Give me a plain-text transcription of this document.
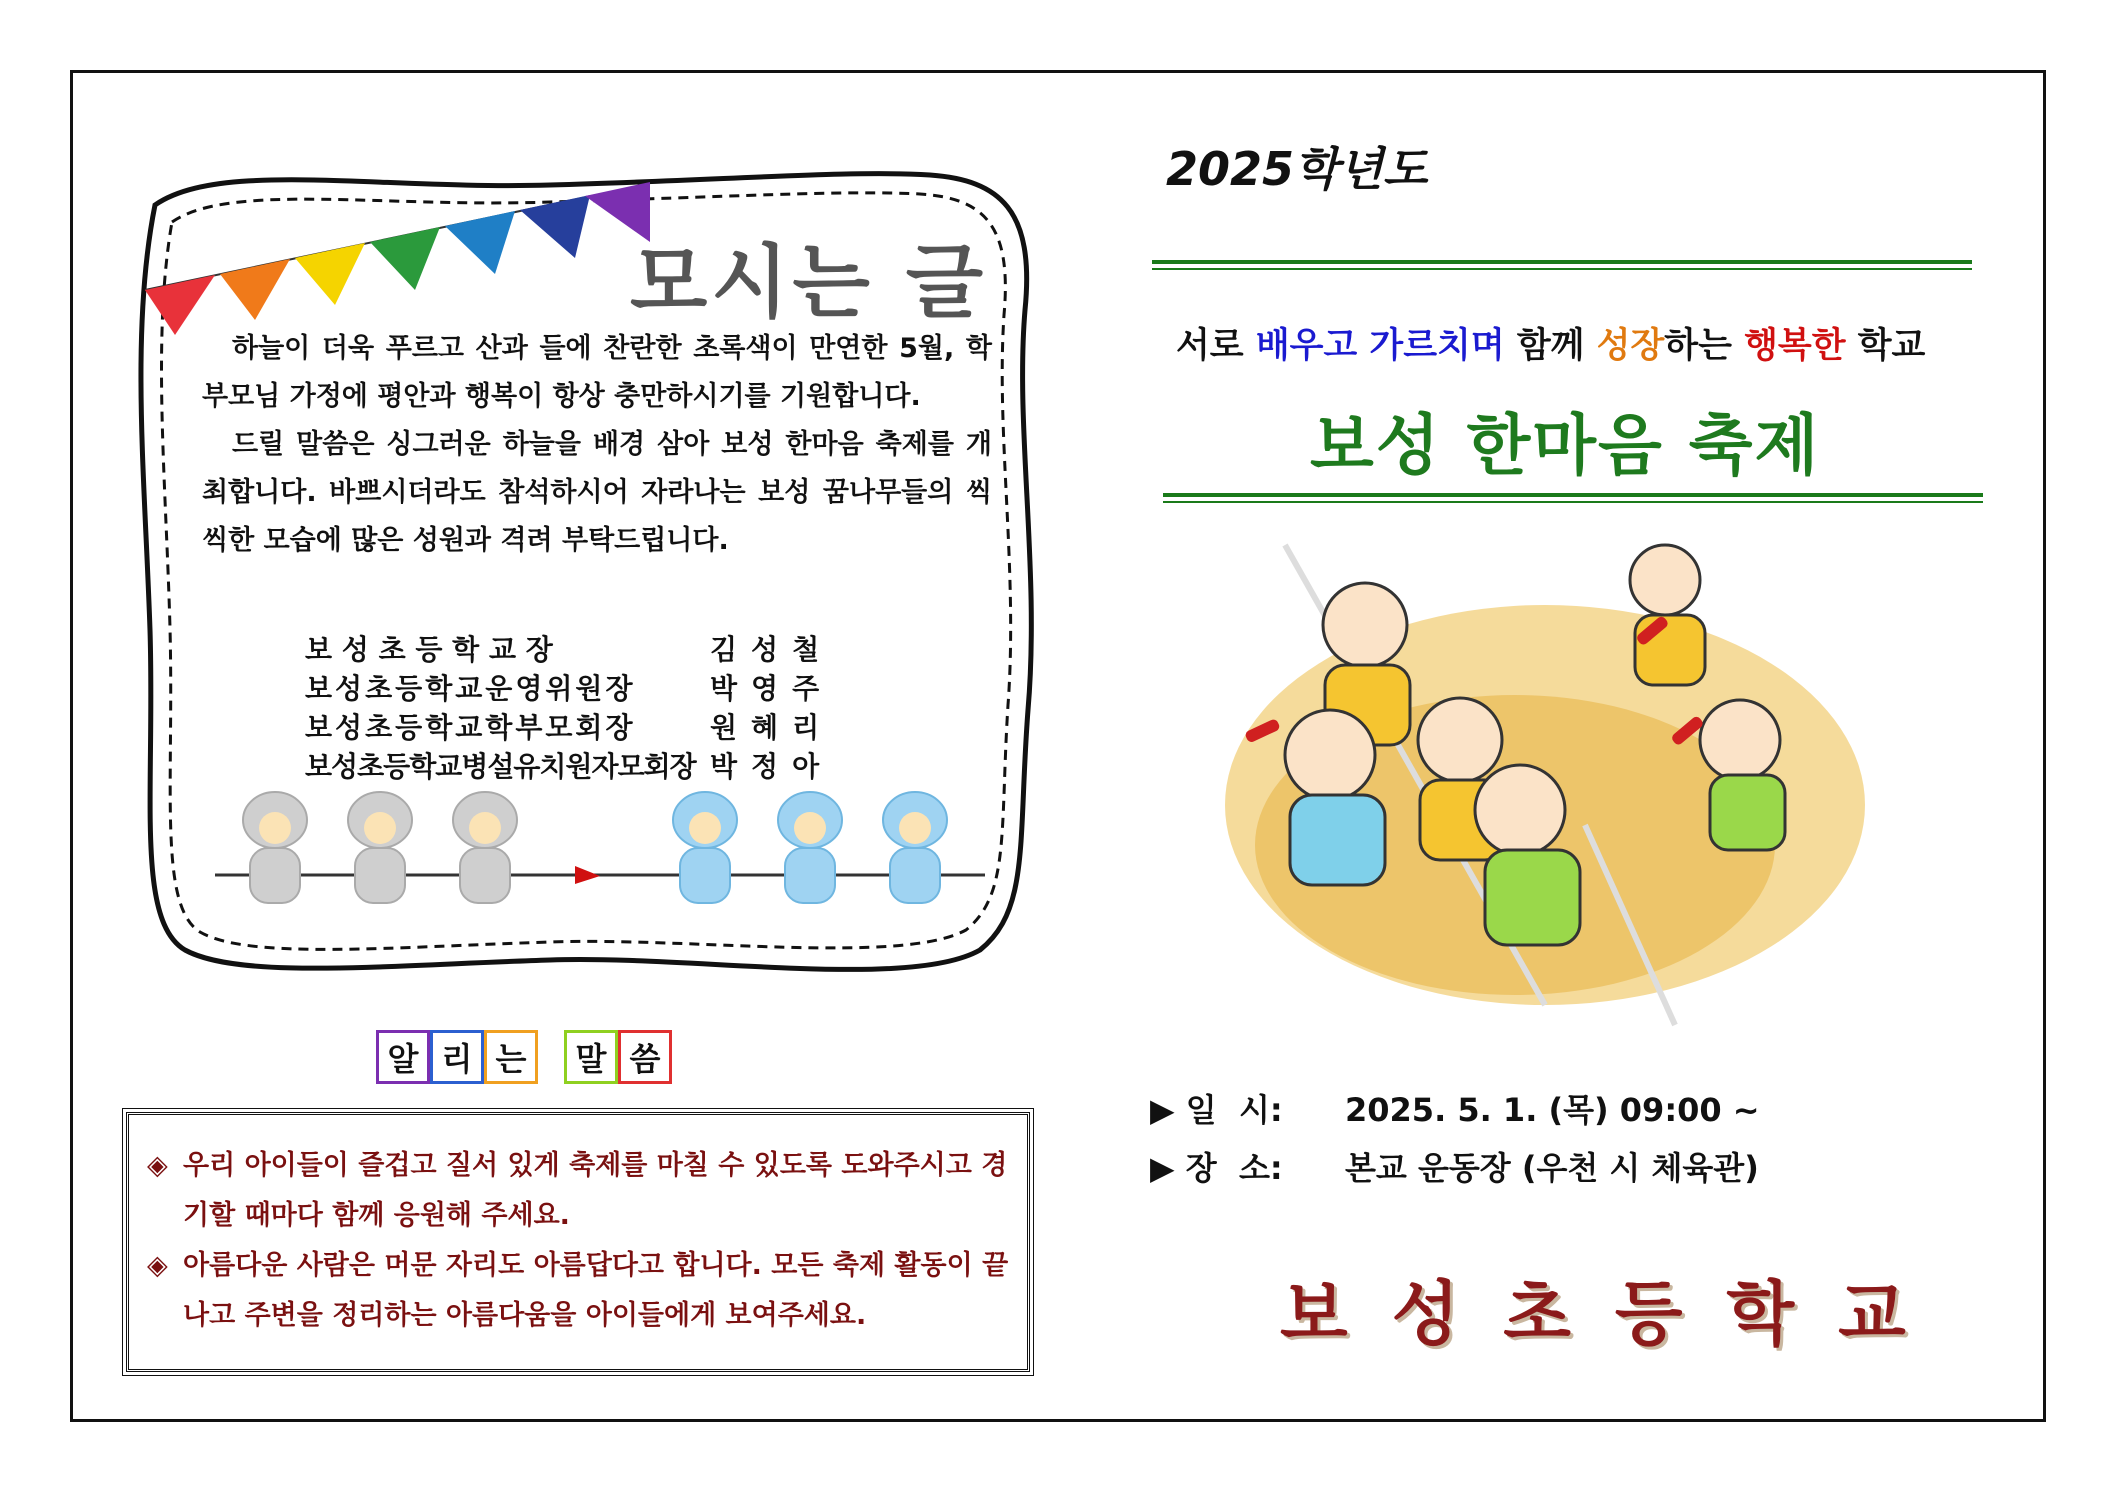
모시는 글

하늘이 더욱 푸르고 산과 들에 찬란한 초록색이 만연한 5월, 학부모님 가정에 평안과 행복이 항상 충만하시기를 기원합니다.

드릴 말씀은 싱그러운 하늘을 배경 삼아 보성 한마음 축제를 개최합니다. 바쁘시더라도 참석하시어 자라나는 보성 꿈나무들의 씩씩한 모습에 많은 성원과 격려 부탁드립니다.

보 성 초 등 학 교 장	김성철
보성초등학교운영위원장	박영주
보성초등학교학부모회장	원혜리
보성초등학교병설유치원자모회장 박정아
알 리 는	말 씀
◈ 우리 아이들이 즐겁고 질서 있게 축제를 마칠 수 있도록 도와주시고 경기할 때마다 함께 응원해 주세요.
◈ 아름다운 사람은 머문 자리도 아름답다고 합니다. 모든 축제 활동이 끝나고 주변을 정리하는 아름다움을 아이들에게 보여주세요.
2025학년도
서로 배우고 가르치며 함께 성장하는 행복한 학교
보성 한마음 축제
▶ 일  시:	2025. 5. 1. (목) 09:00 ~
▶ 장  소:	본교 운동장 (우천 시 체육관)
보성초등학교
